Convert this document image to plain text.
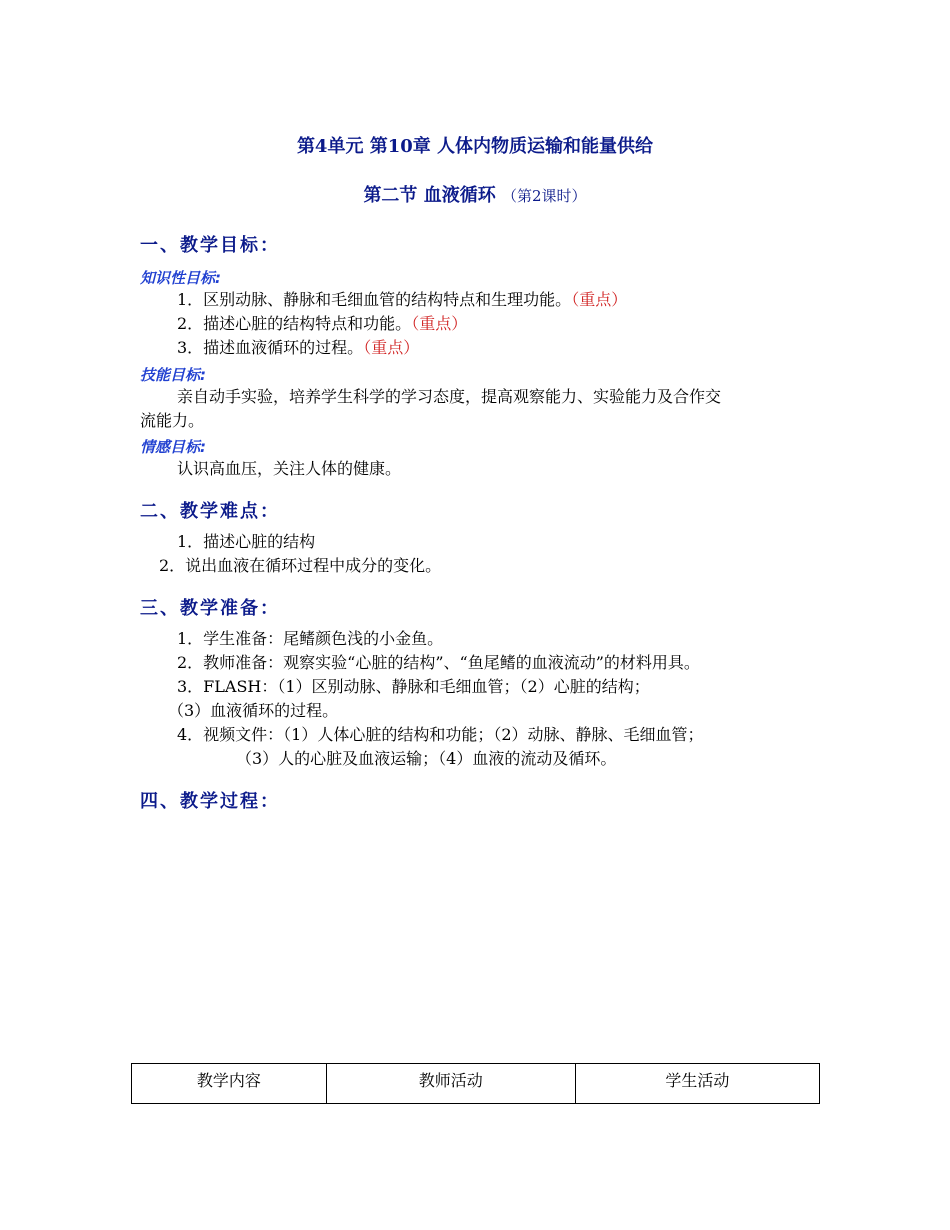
第4单元 第10章 人体内物质运输和能量供给
第二节 血液循环 （第2课时）
一、教学目标：
知识性目标:
1．区别动脉、静脉和毛细血管的结构特点和生理功能。（重点）
2．描述心脏的结构特点和功能。（重点）
3．描述血液循环的过程。（重点）
技能目标:
亲自动手实验，培养学生科学的学习态度，提高观察能力、实验能力及合作交
流能力。
情感目标:
认识高血压，关注人体的健康。
二、教学难点：
1．描述心脏的结构
2．说出血液在循环过程中成分的变化。
三、教学准备：
1．学生准备：尾鳍颜色浅的小金鱼。
2．教师准备：观察实验“心脏的结构”、“鱼尾鳍的血液流动”的材料用具。
3．FLASH：（1）区别动脉、静脉和毛细血管；（2）心脏的结构；
（3）血液循环的过程。
4．视频文件：（1）人体心脏的结构和功能；（2）动脉、静脉、毛细血管；
（3）人的心脏及血液运输；（4）血液的流动及循环。
四、教学过程：
教学内容	教师活动	学生活动
